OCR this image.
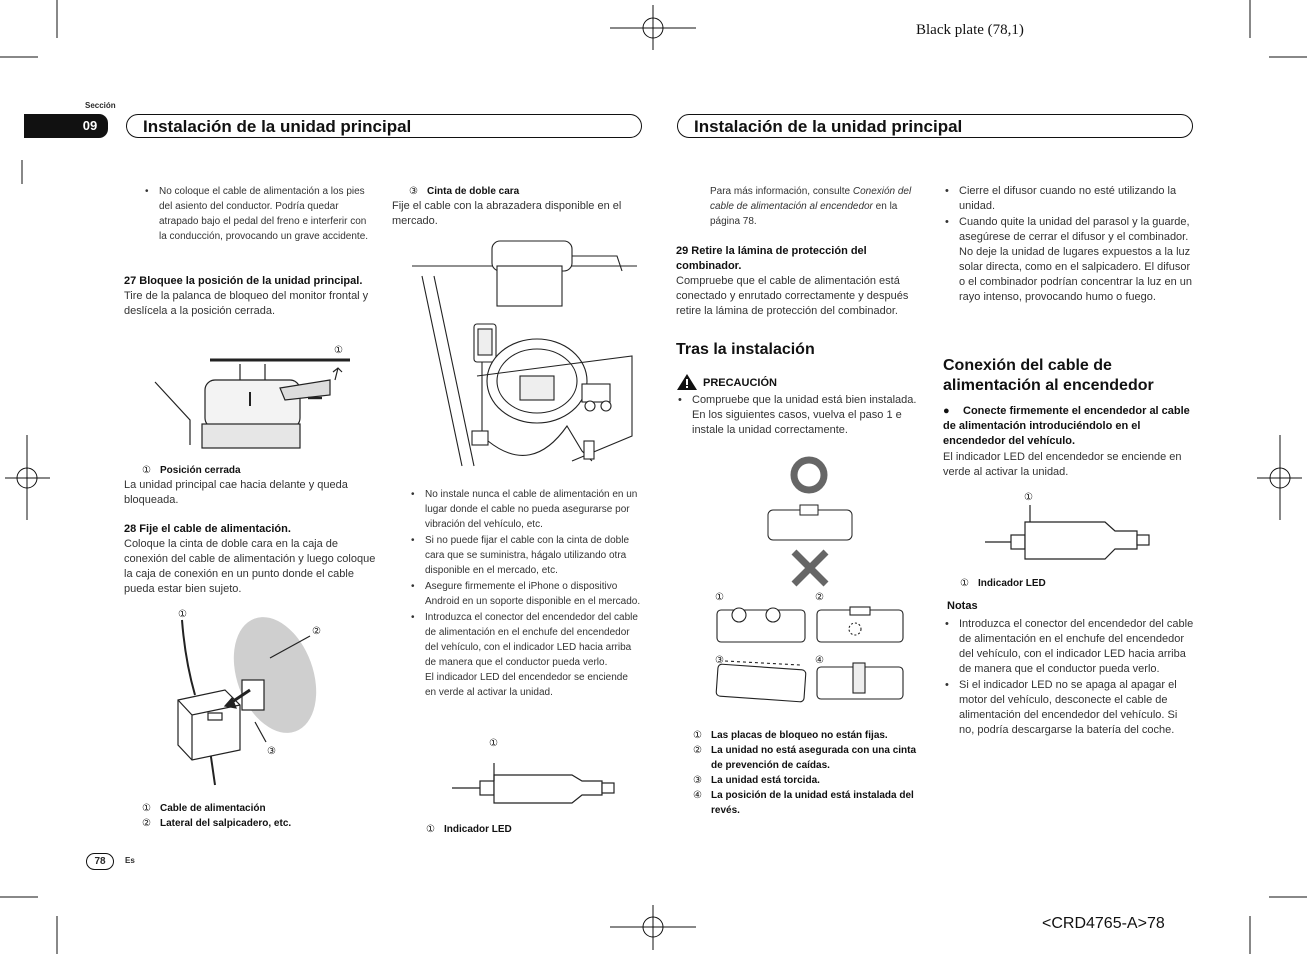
Black plate (78,1)
<CRD4765-A>78
Sección
09	Instalación de la unidad principal	Instalación de la unidad principal
• No coloque el cable de alimentación a los pies del asiento del conductor. Podría quedar atrapado bajo el pedal del freno e interferir con la conducción, provocando un grave accidente.
27 Bloquee la posición de la unidad principal.
Tire de la palanca de bloqueo del monitor frontal y deslícela a la posición cerrada.
①
① Posición cerrada
La unidad principal cae hacia delante y queda bloqueada.
28 Fije el cable de alimentación.
Coloque la cinta de doble cara en la caja de conexión del cable de alimentación y luego coloque la caja de conexión en un punto donde el cable pueda estar bien sujeto.
①
②
③
① Cable de alimentación
② Lateral del salpicadero, etc.
③ Cinta de doble cara
Fije el cable con la abrazadera disponible en el mercado.
• No instale nunca el cable de alimentación en un lugar donde el cable no pueda asegurarse por vibración del vehículo, etc.
• Si no puede fijar el cable con la cinta de doble cara que se suministra, hágalo utilizando otra disponible en el mercado, etc.
• Asegure firmemente el iPhone o dispositivo Android en un soporte disponible en el mercado.
• Introduzca el conector del encendedor del cable de alimentación en el enchufe del encendedor del vehículo, con el indicador LED hacia arriba de manera que el conductor pueda verlo.
El indicador LED del encendedor se enciende en verde al activar la unidad.
①
① Indicador LED
Para más información, consulte Conexión del cable de alimentación al encendedor en la página 78.
29 Retire la lámina de protección del combinador.
Compruebe que el cable de alimentación está conectado y enrutado correctamente y después retire la lámina de protección del combinador.
Tras la instalación
PRECAUCIÓN
• Compruebe que la unidad está bien instalada. En los siguientes casos, vuelva el paso 1 e instale la unidad correctamente.
①	②
③	④
① Las placas de bloqueo no están fijas.
② La unidad no está asegurada con una cinta de prevención de caídas.
③ La unidad está torcida.
④ La posición de la unidad está instalada del revés.
• Cierre el difusor cuando no esté utilizando la unidad.
• Cuando quite la unidad del parasol y la guarde, asegúrese de cerrar el difusor y el combinador.
No deje la unidad de lugares expuestos a la luz solar directa, como en el salpicadero. El difusor o el combinador podrían concentrar la luz en un rayo intenso, provocando humo o fuego.
Conexión del cable de alimentación al encendedor
● Conecte firmemente el encendedor al cable de alimentación introduciéndolo en el encendedor del vehículo.
El indicador LED del encendedor se enciende en verde al activar la unidad.
①
① Indicador LED
Notas
• Introduzca el conector del encendedor del cable de alimentación en el enchufe del encendedor del vehículo, con el indicador LED hacia arriba de manera que el conductor pueda verlo.
• Si el indicador LED no se apaga al apagar el motor del vehículo, desconecte el cable de alimentación del encendedor del vehículo. Si no, podría descargarse la batería del coche.
78	Es
